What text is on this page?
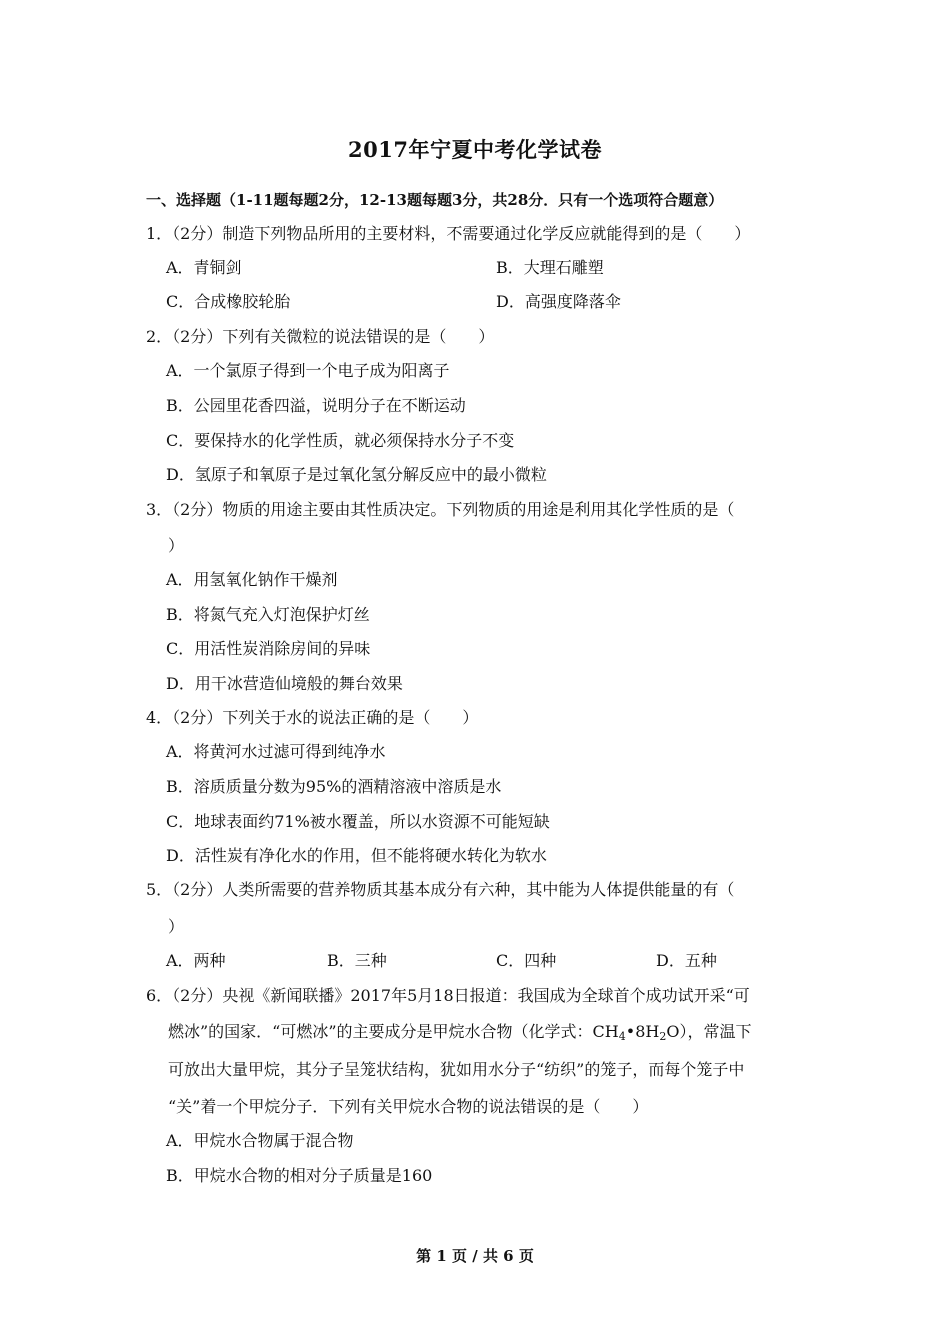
2017年宁夏中考化学试卷
一、选择题（1-11题每题2分，12-13题每题3分，共28分．只有一个选项符合题意）
1．（2分）制造下列物品所用的主要材料，不需要通过化学反应就能得到的是（　　）
A．青铜剑	B．大理石雕塑
C．合成橡胶轮胎	D．高强度降落伞
2．（2分）下列有关微粒的说法错误的是（　　）
A．一个氯原子得到一个电子成为阳离子
B．公园里花香四溢，说明分子在不断运动
C．要保持水的化学性质，就必须保持水分子不变
D．氢原子和氧原子是过氧化氢分解反应中的最小微粒
3．（2分）物质的用途主要由其性质决定。下列物质的用途是利用其化学性质的是（
）
A．用氢氧化钠作干燥剂
B．将氮气充入灯泡保护灯丝
C．用活性炭消除房间的异味
D．用干冰营造仙境般的舞台效果
4．（2分）下列关于水的说法正确的是（　　）
A．将黄河水过滤可得到纯净水
B．溶质质量分数为95%的酒精溶液中溶质是水
C．地球表面约71%被水覆盖，所以水资源不可能短缺
D．活性炭有净化水的作用，但不能将硬水转化为软水
5．（2分）人类所需要的营养物质其基本成分有六种，其中能为人体提供能量的有（
）
A．两种	B．三种	C．四种	D．五种
6．（2分）央视《新闻联播》2017年5月18日报道：我国成为全球首个成功试开采“可
燃冰”的国家．“可燃冰”的主要成分是甲烷水合物（化学式：$CH_4•8H_2O$），常温下
可放出大量甲烷，其分子呈笼状结构，犹如用水分子“纺织”的笼子，而每个笼子中
“关”着一个甲烷分子．下列有关甲烷水合物的说法错误的是（　　）
A．甲烷水合物属于混合物
B．甲烷水合物的相对分子质量是160
第 1 页 / 共 6 页
